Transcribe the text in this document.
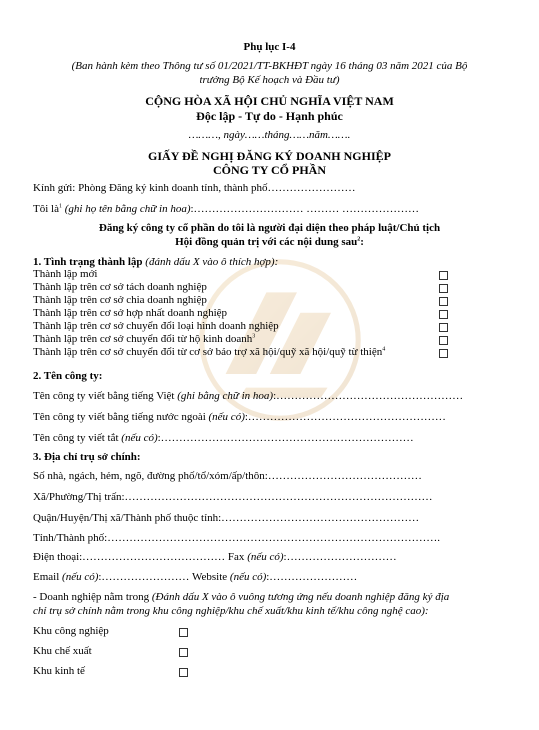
Phụ lục I-4
(Ban hành kèm theo Thông tư số 01/2021/TT-BKHĐT ngày 16 tháng 03 năm 2021 của Bộ
trưởng Bộ Kế hoạch và Đầu tư)
CỘNG HÒA XÃ HỘI CHỦ NGHĨA VIỆT NAM
Độc lập - Tự do - Hạnh phúc
………, ngày……tháng……năm…….
GIẤY ĐỀ NGHỊ ĐĂNG KÝ DOANH NGHIỆP
CÔNG TY CỔ PHẦN
Kính gửi: Phòng Đăng ký kinh doanh tỉnh, thành phố……………………
Tôi $là^1$ (ghi họ tên bằng chữ in hoa):………………………… ……… …………………
Đăng ký công ty cổ phần do tôi là người đại diện theo pháp luật/Chủ tịch
Hội đồng quản trị với các nội dung sau$^2$:
1. Tình trạng thành lập (đánh dấu X vào ô thích hợp):
Thành lập mới
Thành lập trên cơ sở tách doanh nghiệp
Thành lập trên cơ sở chia doanh nghiệp
Thành lập trên cơ sở hợp nhất doanh nghiệp
Thành lập trên cơ sở chuyển đổi loại hình doanh nghiệp
Thành lập trên cơ sở chuyển đổi từ hộ kinh doanh$^3$
Thành lập trên cơ sở chuyển đổi từ cơ sở bảo trợ xã hội/quỹ xã hội/quỹ từ thiện$^4$
2. Tên công ty:
Tên công ty viết bằng tiếng Việt (ghi bằng chữ in hoa):……………………………………………
Tên công ty viết bằng tiếng nước ngoài (nếu có):………………………………………………
Tên công ty viết tắt (nếu có):……………………………………………………………
3. Địa chỉ trụ sở chính:
Số nhà, ngách, hẻm, ngõ, đường phố/tổ/xóm/ấp/thôn:……………………………………
Xã/Phường/Thị trấn:…………………………………………………………………………
Quận/Huyện/Thị xã/Thành phố thuộc tỉnh:………………………………………………
Tỉnh/Thành phố:……………………………………………………………………………….
Điện thoại:………………………………… Fax (nếu có):…………………………
Email (nếu có):…………………… Website (nếu có):……………………
- Doanh nghiệp nằm trong (Đánh dấu X vào ô vuông tương ứng nếu doanh nghiệp đăng ký địa
chỉ trụ sở chính nằm trong khu công nghiệp/khu chế xuất/khu kinh tế/khu công nghệ cao):
Khu công nghiệp
Khu chế xuất
Khu kinh tế
